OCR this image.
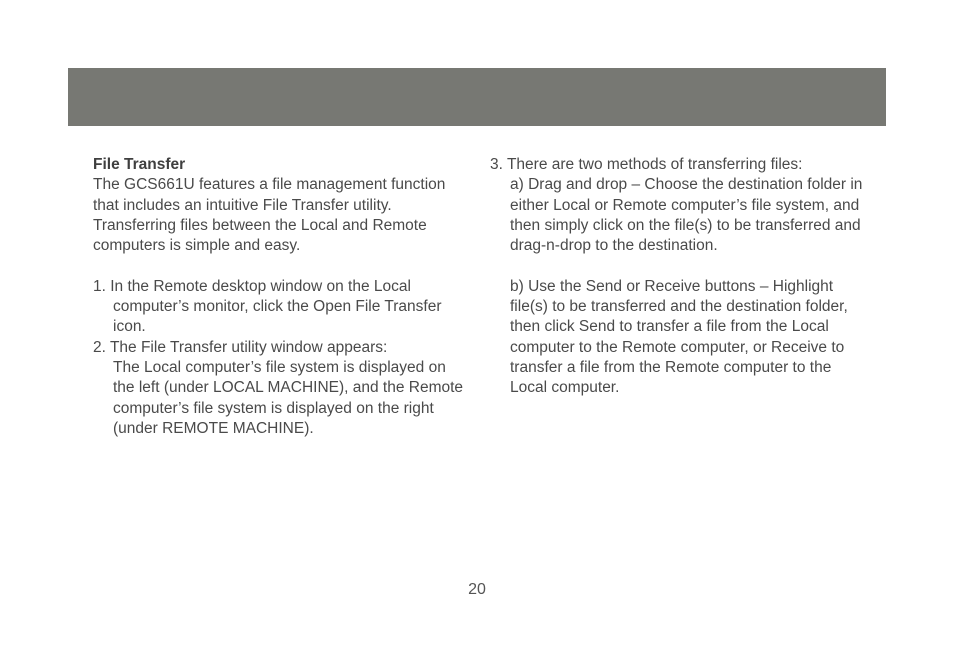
File Transfer

The GCS661U features a file management function that includes an intuitive File Transfer utility. Transferring files between the Local and Remote computers is simple and easy.

1. In the Remote desktop window on the Local computer’s monitor, click the Open File Transfer icon.

2. The File Transfer utility window appears:

The Local computer’s file system is displayed on the left (under LOCAL MACHINE), and the Remote computer’s file system is displayed on the right (under REMOTE MACHINE).

3. There are two methods of transferring files:

a) Drag and drop – Choose the destination folder in either Local or Remote computer’s file system, and then simply click on the file(s) to be transferred and drag-n-drop to the destination.

b) Use the Send or Receive buttons – Highlight file(s) to be transferred and the destination folder, then click Send to transfer a file from the Local computer to the Remote computer, or Receive to transfer a file from the Remote computer to the Local computer.

20
